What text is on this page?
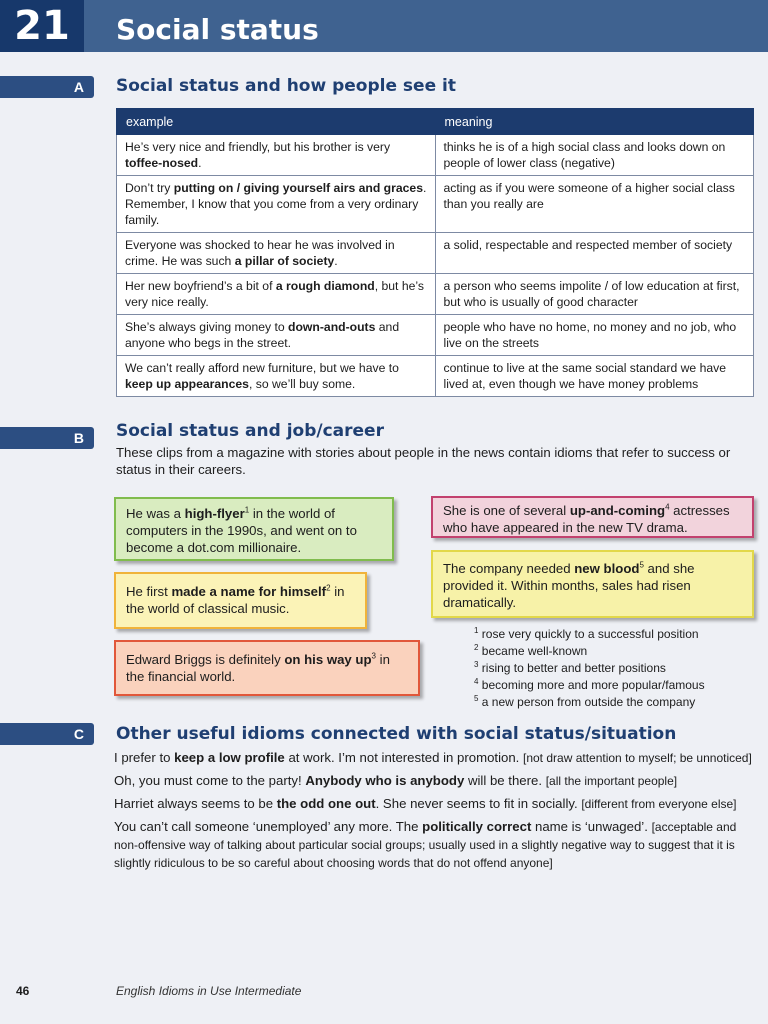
21	Social status
A	Social status and how people see it
example	meaning
He’s very nice and friendly, but his brother is very toffee-nosed.	thinks he is of a high social class and looks down on people of lower class (negative)
Don’t try putting on / giving yourself airs and graces. Remember, I know that you come from a very ordinary family.	acting as if you were someone of a higher social class than you really are
Everyone was shocked to hear he was involved in crime. He was such a pillar of society.	a solid, respectable and respected member of society
Her new boyfriend’s a bit of a rough diamond, but he’s very nice really.	a person who seems impolite / of low education at first, but who is usually of good character
She’s always giving money to down-and-outs and anyone who begs in the street.	people who have no home, no money and no job, who live on the streets
We can’t really afford new furniture, but we have to keep up appearances, so we’ll buy some.	continue to live at the same social standard we have lived at, even though we have money problems
B	Social status and job/career
These clips from a magazine with stories about people in the news contain idioms that refer to success or status in their careers.
He was a high-flyer$^1$ in the world of computers in the 1990s, and went on to become a dot.com millionaire.
He first made a name for himself$^2$ in the world of classical music.
Edward Briggs is definitely on his way $up^3$ in the financial world.
She is one of several up-and-coming$^4$ actresses who have appeared in the new TV drama.
The company needed new blood$^5$ and she provided it. Within months, sales had risen dramatically.
$^1$ rose very quickly to a successful position
$^2$ became well-known
$^3$ rising to better and better positions
$^4$ becoming more and more popular/famous
$^5$ a new person from outside the company
C	Other useful idioms connected with social status/situation

I prefer to keep a low profile at work. I’m not interested in promotion. [not draw attention to myself; be unnoticed]

Oh, you must come to the party! Anybody who is anybody will be there. [all the important people]

Harriet always seems to be the odd one out. She never seems to fit in socially. [different from everyone else]

You can’t call someone ‘unemployed’ any more. The politically correct name is ‘unwaged’. [acceptable and non-offensive way of talking about particular social groups; usually used in a slightly negative way to suggest that it is slightly ridiculous to be so careful about choosing words that do not offend anyone]

46	English Idioms in Use Intermediate
